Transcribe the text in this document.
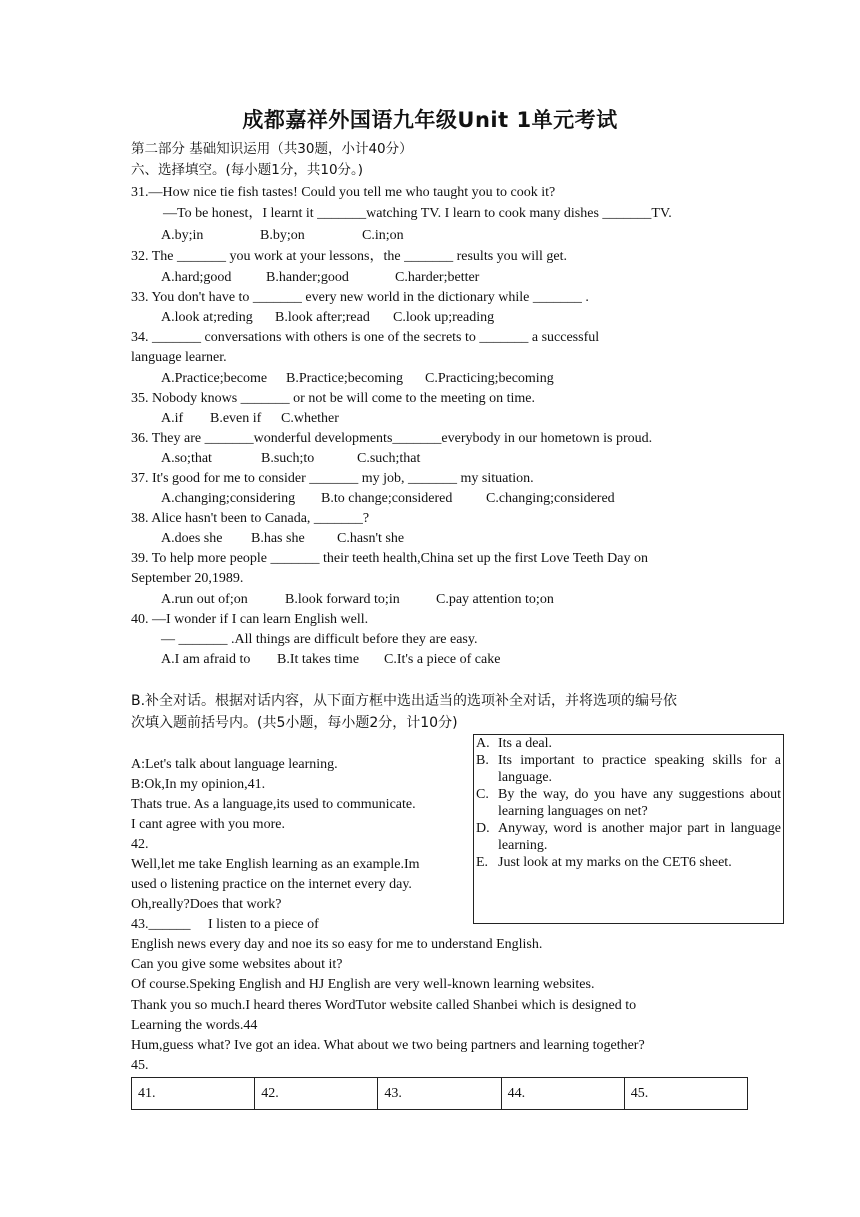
成都嘉祥外国语九年级Unit 1单元考试
第二部分 基础知识运用（共30题，小计40分）
六、选择填空。(每小题1分，共10分。)
31.—How nice tie fish tastes! Could you tell me who taught you to cook it?
—To be honest，I learnt it _______watching TV. I learn to cook many dishes _______TV.
A.by;in	B.by;on	C.in;on
32. The _______ you work at your lessons，the _______ results you will get.
A.hard;good B.hander;good	C.harder;better
33. You don't have to _______ every new world in the dictionary while _______ .
A.look at;reding B.look after;read C.look up;reading
34. _______ conversations with others is one of the secrets to _______ a successful
language learner.
A.Practice;become B.Practice;becoming C.Practicing;becoming
35. Nobody knows _______ or not be will come to the meeting on time.
A.if B.even if C.whether
36. They are _______wonderful developments_______everybody in our hometown is proud.
A.so;that	B.such;to	C.such;that
37. It's good for me to consider _______ my job, _______ my situation.
A.changing;considering B.to change;considered C.changing;considered
38. Alice hasn't been to Canada, _______?
A.does she B.has she C.hasn't she
39. To help more people _______ their teeth health,China set up the first Love Teeth Day on
September 20,1989.
A.run out of;on	B.look forward to;in	C.pay attention to;on
40. —I wonder if I can learn English well.
— _______ .All things are difficult before they are easy.
A.I am afraid to B.It takes time C.It's a piece of cake
B.补全对话。根据对话内容，从下面方框中选出适当的选项补全对话，并将选项的编号依
次填入题前括号内。(共5小题，每小题2分，计10分)
A. Its a deal.
B. Its important to practice speaking skills for a language.
C. By the way, do you have any suggestions about learning languages on net?
D. Anyway, word is another major part in language learning.
E. Just look at my marks on the CET6 sheet.
A:Let's talk about language learning.
B:Ok,In my opinion,41.
Thats true. As a language,its used to communicate.
I cant agree with you more.
42.
Well,let me take English learning as an example.Im
used o listening practice on the internet every day.
Oh,really?Does that work?
43.______     I listen to a piece of
English news every day and noe its so easy for me to understand English.
Can you give some websites about it?
Of course.Speking English and HJ English are very well-known learning websites.
Thank you so much.I heard theres WordTutor website called Shanbei which is designed to
Learning the words.44
Hum,guess what? Ive got an idea. What about we two being partners and learning together?
45.
41.	42.	43.	44.	45.
